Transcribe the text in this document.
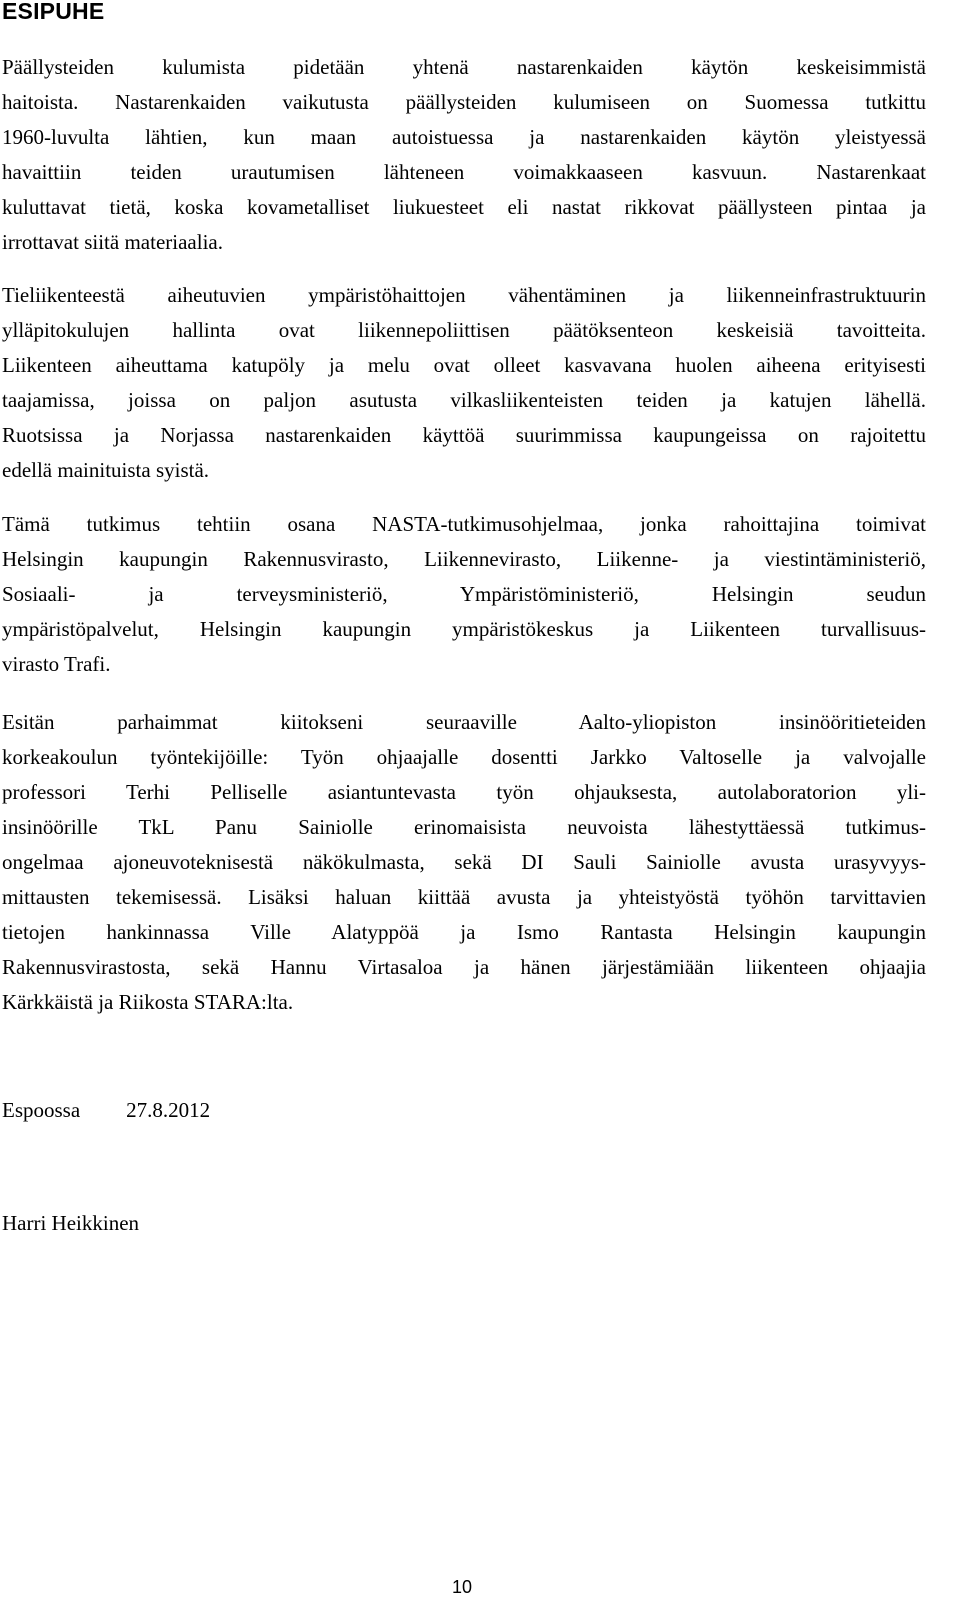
ESIPUHE

Päällysteiden kulumista pidetään yhtenä nastarenkaiden käytön keskeisimmistä
haitoista. Nastarenkaiden vaikutusta päällysteiden kulumiseen on Suomessa tutkittu
1960-luvulta lähtien, kun maan autoistuessa ja nastarenkaiden käytön yleistyessä
havaittiin teiden urautumisen lähteneen voimakkaaseen kasvuun. Nastarenkaat
kuluttavat tietä, koska kovametalliset liukuesteet eli nastat rikkovat päällysteen pintaa ja
irrottavat siitä materiaalia.

Tieliikenteestä aiheutuvien ympäristöhaittojen vähentäminen ja liikenneinfrastruktuurin
ylläpitokulujen hallinta ovat liikennepoliittisen päätöksenteon keskeisiä tavoitteita.
Liikenteen aiheuttama katupöly ja melu ovat olleet kasvavana huolen aiheena erityisesti
taajamissa, joissa on paljon asutusta vilkasliikenteisten teiden ja katujen lähellä.
Ruotsissa ja Norjassa nastarenkaiden käyttöä suurimmissa kaupungeissa on rajoitettu
edellä mainituista syistä.

Tämä tutkimus tehtiin osana NASTA-tutkimusohjelmaa, jonka rahoittajina toimivat
Helsingin kaupungin Rakennusvirasto, Liikennevirasto, Liikenne- ja viestintäministeriö,
Sosiaali- ja terveysministeriö, Ympäristöministeriö, Helsingin seudun
ympäristöpalvelut, Helsingin kaupungin ympäristökeskus ja Liikenteen turvallisuus-
virasto Trafi.

Esitän parhaimmat kiitokseni seuraaville Aalto-yliopiston insinööritieteiden
korkeakoulun työntekijöille: Työn ohjaajalle dosentti Jarkko Valtoselle ja valvojalle
professori Terhi Pelliselle asiantuntevasta työn ohjauksesta, autolaboratorion yli-
insinöörille TkL Panu Sainiolle erinomaisista neuvoista lähestyttäessä tutkimus-
ongelmaa ajoneuvoteknisestä näkökulmasta, sekä DI Sauli Sainiolle avusta urasyvyys-
mittausten tekemisessä. Lisäksi haluan kiittää avusta ja yhteistyöstä työhön tarvittavien
tietojen hankinnassa Ville Alatyppöä ja Ismo Rantasta Helsingin kaupungin
Rakennusvirastosta, sekä Hannu Virtasaloa ja hänen järjestämiään liikenteen ohjaajia
Kärkkäistä ja Riikosta STARA:lta.

Espoossa 27.8.2012

Harri Heikkinen

10
